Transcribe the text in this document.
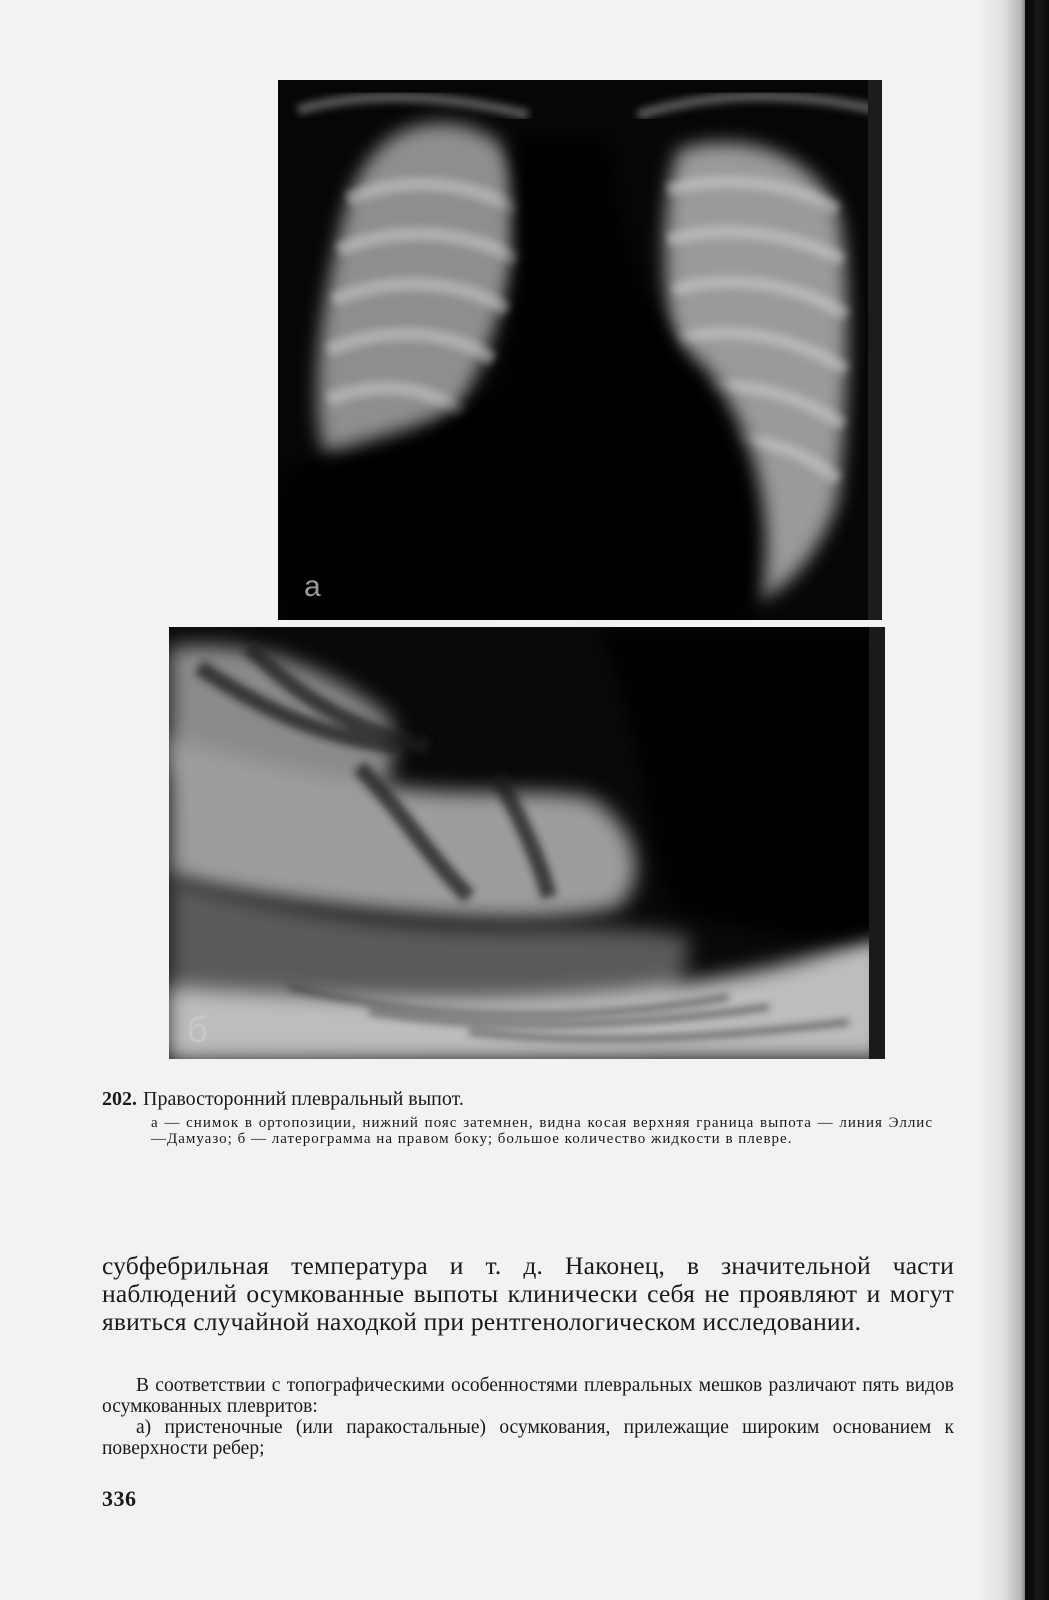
а
б
202. Правосторонний плевральный выпот.
а — снимок в ортопозиции, нижний пояс затемнен, видна косая верхняя граница выпота — линия Эллис—Дамуазо; б — латерограмма на правом боку; большое количество жидкости в плевре.
субфебрильная температура и т. д. Наконец, в значительной части наблюдений осумкованные выпоты клинически себя не проявляют и могут явиться случайной находкой при рентгенологическом исследовании.

В соответствии с топографическими особенностями плевральных мешков различают пять видов осумкованных плевритов:

а) пристеночные (или паракостальные) осумкования, прилежащие широким основанием к поверхности ребер;

336
